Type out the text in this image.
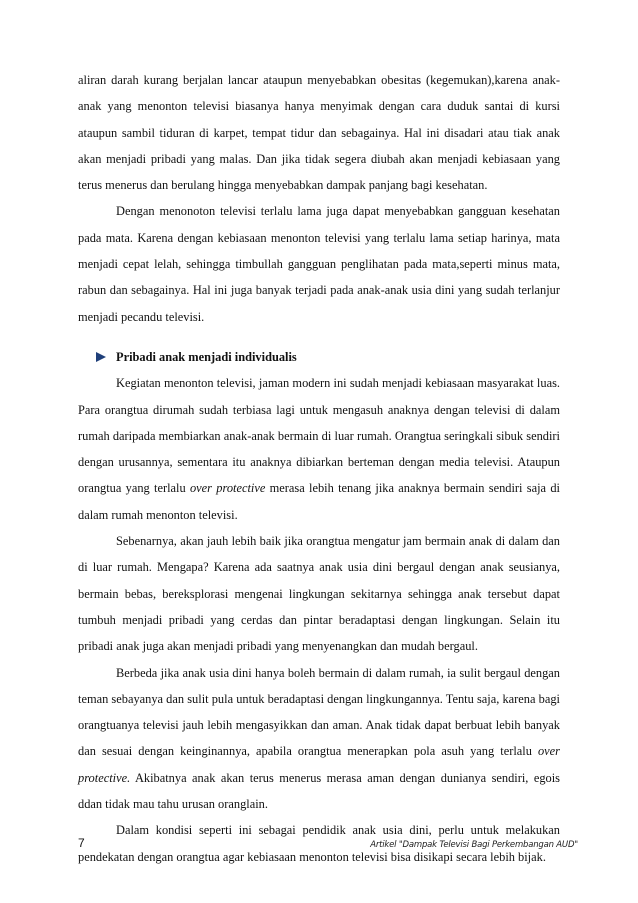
aliran darah kurang berjalan lancar ataupun menyebabkan obesitas (kegemukan),karena anak-anak yang menonton televisi biasanya hanya menyimak dengan cara duduk santai di kursi ataupun sambil tiduran di karpet, tempat tidur dan sebagainya. Hal ini disadari atau tiak anak akan menjadi pribadi yang malas. Dan jika tidak segera diubah akan menjadi kebiasaan yang terus menerus dan berulang hingga menyebabkan dampak panjang bagi kesehatan.

Dengan menonoton televisi terlalu lama juga dapat menyebabkan gangguan kesehatan pada mata. Karena dengan kebiasaan menonton televisi yang terlalu lama setiap harinya, mata menjadi cepat lelah, sehingga timbullah gangguan penglihatan pada mata,seperti minus mata, rabun dan sebagainya. Hal ini juga banyak terjadi pada anak-anak usia dini yang sudah terlanjur menjadi pecandu televisi.

Pribadi anak menjadi individualis

Kegiatan menonton televisi, jaman modern ini sudah menjadi kebiasaan masyarakat luas. Para orangtua dirumah sudah terbiasa lagi untuk mengasuh anaknya dengan televisi di dalam rumah daripada membiarkan anak-anak bermain di luar rumah. Orangtua seringkali sibuk sendiri dengan urusannya, sementara itu anaknya dibiarkan berteman dengan media televisi. Ataupun orangtua yang terlalu over protective merasa lebih tenang jika anaknya bermain sendiri saja di dalam rumah menonton televisi.

Sebenarnya, akan jauh lebih baik jika orangtua mengatur jam bermain anak di dalam dan di luar rumah. Mengapa? Karena ada saatnya anak usia dini bergaul dengan anak seusianya, bermain bebas, bereksplorasi mengenai lingkungan sekitarnya sehingga anak tersebut dapat tumbuh menjadi pribadi yang cerdas dan pintar beradaptasi dengan lingkungan. Selain itu pribadi anak juga akan menjadi pribadi yang menyenangkan dan mudah bergaul.

Berbeda jika anak usia dini hanya boleh bermain di dalam rumah, ia sulit bergaul dengan teman sebayanya dan sulit pula untuk beradaptasi dengan lingkungannya. Tentu saja, karena bagi orangtuanya televisi jauh lebih mengasyikkan dan aman. Anak tidak dapat berbuat lebih banyak dan sesuai dengan keinginannya, apabila orangtua menerapkan pola asuh yang terlalu over protective. Akibatnya anak akan terus menerus merasa aman dengan dunianya sendiri, egois ddan tidak mau tahu urusan oranglain.

Dalam kondisi seperti ini sebagai pendidik anak usia dini, perlu untuk melakukan pendekatan dengan orangtua agar kebiasaan menonton televisi bisa disikapi secara lebih bijak.

7	Artikel "Dampak Televisi Bagi Perkembangan AUD"
